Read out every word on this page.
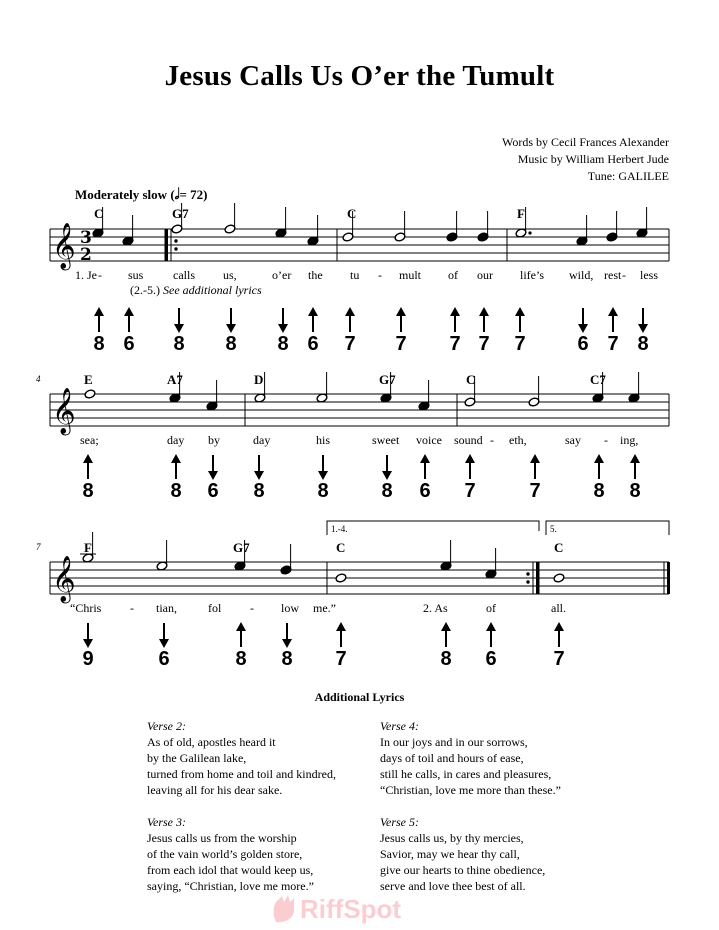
Jesus Calls Us O’er the Tumult
Words by Cecil Frances Alexander
Music by William Herbert Jude
Tune: GALILEE
Moderately slow (𝅗𝅥= 72)
𝄞 3
2
𝄞
4
𝄞
7
1.-4.	5.
C	G7	C	F
E	A7	D	G7	C	C7
F	G7	C	C
1. Je - sus calls us,	o’er the tu - mult of our life’s wild, rest - less
(2.-5.) See additional lyrics
sea;	day by	day	his	sweet voice sound - eth,	say - ing,
“Chris - tian,	fol - low me.”	2. As	of	all.
8 6 8 8 8 6 7 7 7 7 7	6 7 8
8	8 6 8	8	8 6 7	7	8 8
9	6	8 8 7	8 6	7
Additional Lyrics
Verse 2:
As of old, apostles heard it
by the Galilean lake,
turned from home and toil and kindred,
leaving all for his dear sake.
Verse 4:
In our joys and in our sorrows,
days of toil and hours of ease,
still he calls, in cares and pleasures,
“Christian, love me more than these.”
Verse 3:
Jesus calls us from the worship
of the vain world’s golden store,
from each idol that would keep us,
saying, “Christian, love me more.”
Verse 5:
Jesus calls us, by thy mercies,
Savior, may we hear thy call,
give our hearts to thine obedience,
serve and love thee best of all.
RiffSpot
